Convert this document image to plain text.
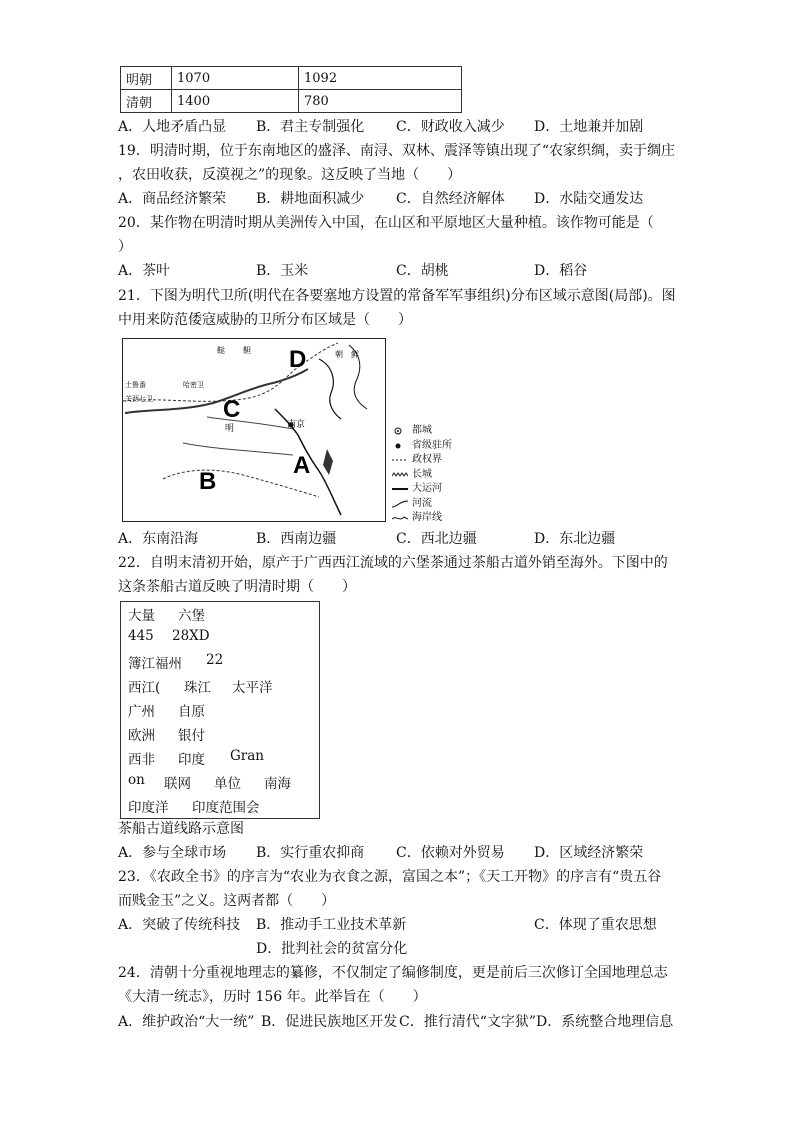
明朝	1070	1092
清朝	1400	780
A．人地矛盾凸显 B．君主专制强化 C．财政收入减少 D．土地兼并加剧
19．明清时期，位于东南地区的盛泽、南浔、双林、震泽等镇出现了“农家织绸，卖于绸庄
，农田收获，反漠视之”的现象。这反映了当地（　　）
A．商品经济繁荣 B．耕地面积减少 C．自然经济解体 D．水陆交通发达
20．某作物在明清时期从美洲传入中国，在山区和平原地区大量种植。该作物可能是（
）
A．茶叶	B．玉米	C．胡桃	D．稻谷
21．下图为明代卫所(明代在各要塞地方设置的常备军军事组织)分布区域示意图(局部)。图
中用来防范倭寇威胁的卫所分布区域是（　　）
鞑 靼
土鲁番	哈密卫
关西七卫
明	南京
朝 鲜
D
C
B
A
都城
省级驻所
政权界
长城
大运河
河流
海岸线
A．东南沿海	B．西南边疆	C．西北边疆	D．东北边疆
22．自明末清初开始，原产于广西西江流域的六堡茶通过茶船古道外销至海外。下图中的
这条茶船古道反映了明清时期（　　）
大量 六堡
445 28XD
簿江福州 22
西江( 珠江 太平洋
广州 自原
欧洲 银付
西非 印度 Gran
on 联网 单位 南海
印度洋 印度范围会
茶船古道线路示意图
A．参与全球市场 B．实行重农抑商 C．依赖对外贸易 D．区域经济繁荣
23．《农政全书》的序言为“农业为衣食之源，富国之本”；《天工开物》的序言有“贵五谷
而贱金玉”之义。这两者都（　　）
A．突破了传统科技 B．推动手工业技术革新	C．体现了重农思想
D．批判社会的贫富分化
24．清朝十分重视地理志的纂修，不仅制定了编修制度，更是前后三次修订全国地理总志
《大清一统志》，历时 156 年。此举旨在（　　）
A．维护政治“大一统” B．促进民族地区开发 C．推行清代“文字狱” D．系统整合地理信息
